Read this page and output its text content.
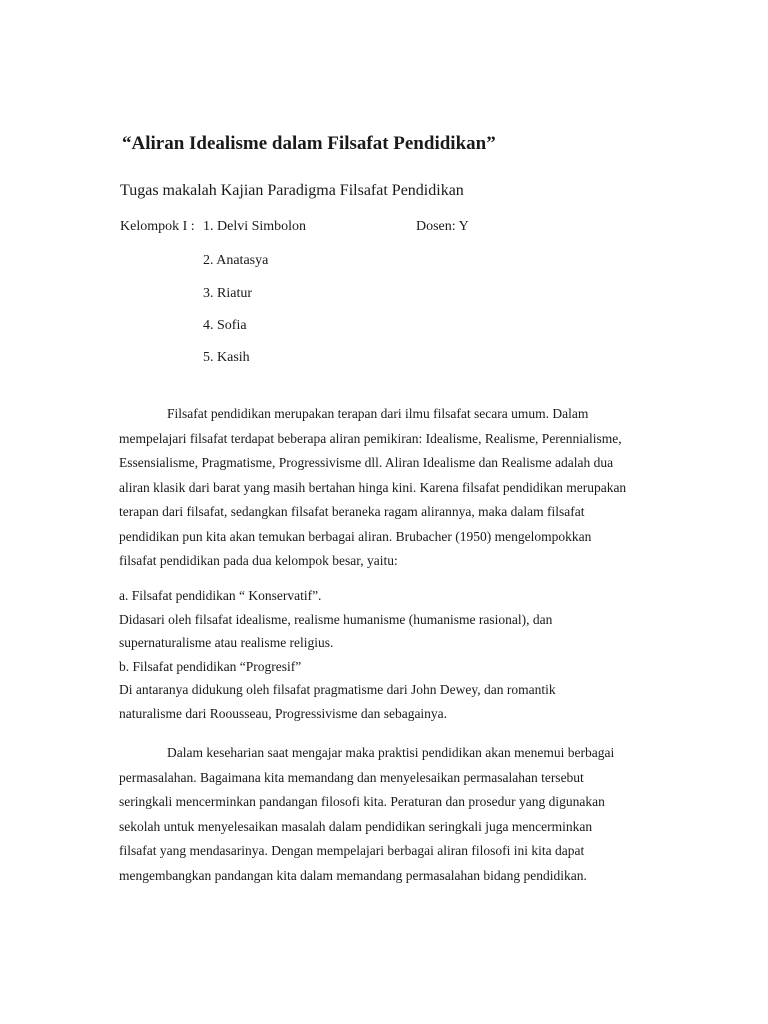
“Aliran Idealisme dalam Filsafat Pendidikan”
Tugas makalah Kajian Paradigma Filsafat Pendidikan
Kelompok I : 1. Delvi Simbolon
2. Anatasya
3. Riatur
4. Sofia
5. Kasih
Dosen: Y
Filsafat pendidikan merupakan terapan dari ilmu filsafat secara umum. Dalam
mempelajari filsafat terdapat beberapa aliran pemikiran: Idealisme, Realisme, Perennialisme,
Essensialisme, Pragmatisme, Progressivisme dll. Aliran Idealisme dan Realisme adalah dua
aliran klasik dari barat yang masih bertahan hinga kini. Karena filsafat pendidikan merupakan
terapan dari filsafat, sedangkan filsafat beraneka ragam alirannya, maka dalam filsafat
pendidikan pun kita akan temukan berbagai aliran. Brubacher (1950) mengelompokkan
filsafat pendidikan pada dua kelompok besar, yaitu:
a. Filsafat pendidikan “ Konservatif”.
Didasari oleh filsafat idealisme, realisme humanisme (humanisme rasional), dan
supernaturalisme atau realisme religius.
b. Filsafat pendidikan “Progresif”
Di antaranya didukung oleh filsafat pragmatisme dari John Dewey, dan romantik
naturalisme dari Roousseau, Progressivisme dan sebagainya.
Dalam keseharian saat mengajar maka praktisi pendidikan akan menemui berbagai
permasalahan. Bagaimana kita memandang dan menyelesaikan permasalahan tersebut
seringkali mencerminkan pandangan filosofi kita. Peraturan dan prosedur yang digunakan
sekolah untuk menyelesaikan masalah dalam pendidikan seringkali juga mencerminkan
filsafat yang mendasarinya. Dengan mempelajari berbagai aliran filosofi ini kita dapat
mengembangkan pandangan kita dalam memandang permasalahan bidang pendidikan.
